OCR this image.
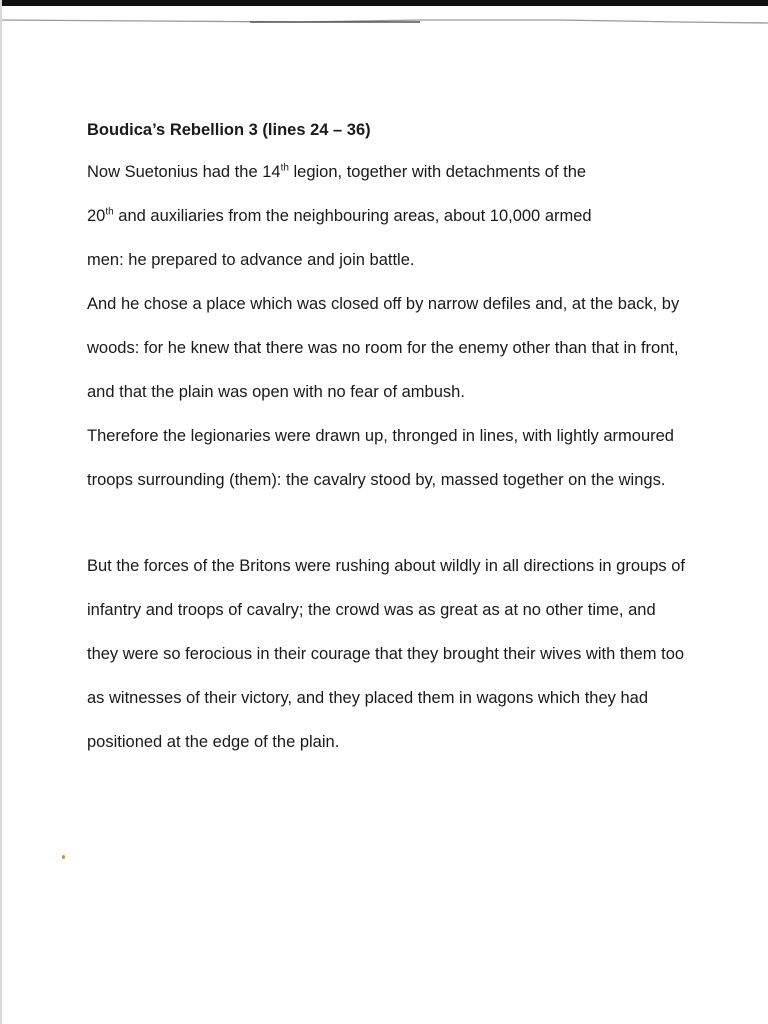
Boudica’s Rebellion 3 (lines 24 – 36)

Now Suetonius had the 14th legion, together with detachments of the
20th and auxiliaries from the neighbouring areas, about 10,000 armed
men: he prepared to advance and join battle.

And he chose a place which was closed off by narrow defiles and, at the back, by woods: for he knew that there was no room for the enemy other than that in front, and that the plain was open with no fear of ambush.

Therefore the legionaries were drawn up, thronged in lines, with lightly armoured troops surrounding (them): the cavalry stood by, massed together on the wings.

But the forces of the Britons were rushing about wildly in all directions in groups of infantry and troops of cavalry; the crowd was as great as at no other time, and they were so ferocious in their courage that they brought their wives with them too as witnesses of their victory, and they placed them in wagons which they had positioned at the edge of the plain.
